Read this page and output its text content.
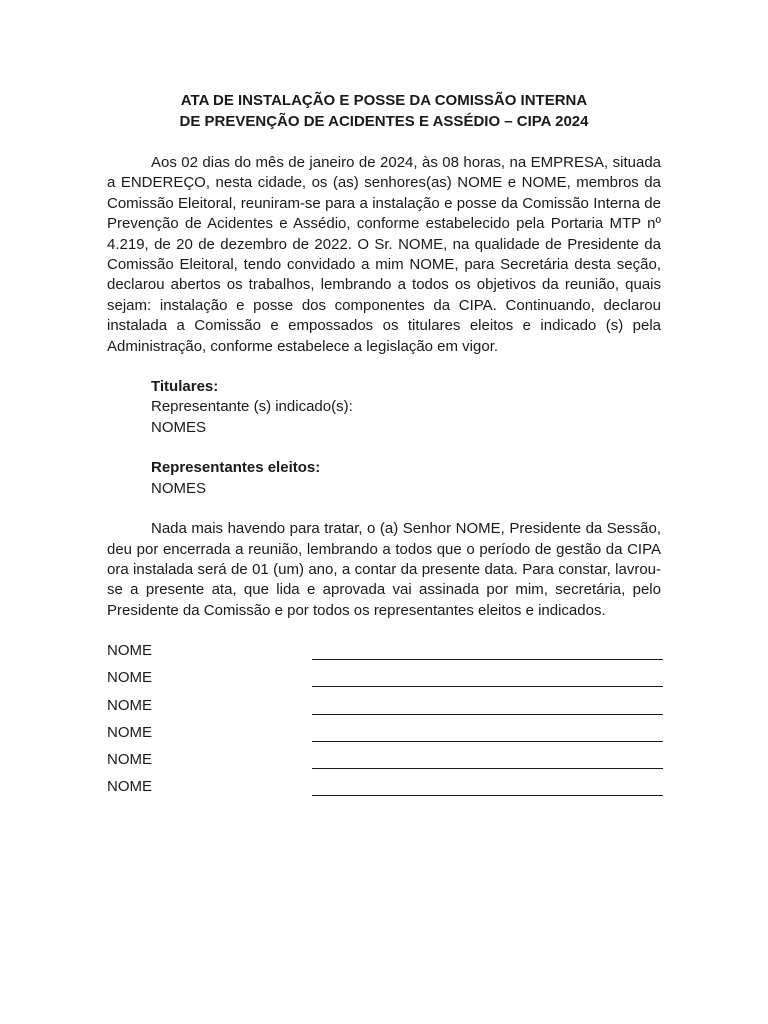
ATA DE INSTALAÇÃO E POSSE DA COMISSÃO INTERNA

DE PREVENÇÃO DE ACIDENTES E ASSÉDIO – CIPA 2024

Aos 02 dias do mês de janeiro de 2024, às 08 horas, na EMPRESA, situada a ENDEREÇO, nesta cidade, os (as) senhores(as) NOME e NOME, membros da Comissão Eleitoral, reuniram-se para a instalação e posse da Comissão Interna de Prevenção de Acidentes e Assédio, conforme estabelecido pela Portaria MTP nº 4.219, de 20 de dezembro de 2022. O Sr. NOME, na qualidade de Presidente da Comissão Eleitoral, tendo convidado a mim NOME, para Secretária desta seção, declarou abertos os trabalhos, lembrando a todos os objetivos da reunião, quais sejam: instalação e posse dos componentes da CIPA. Continuando, declarou instalada a Comissão e empossados os titulares eleitos e indicado (s) pela Administração, conforme estabelece a legislação em vigor.

Titulares:

Representante (s) indicado(s):

NOMES

Representantes eleitos:

NOMES

Nada mais havendo para tratar, o (a) Senhor NOME, Presidente da Sessão, deu por encerrada a reunião, lembrando a todos que o período de gestão da CIPA ora instalada será de 01 (um) ano, a contar da presente data. Para constar, lavrou-se a presente ata, que lida e aprovada vai assinada por mim, secretária, pelo Presidente da Comissão e por todos os representantes eleitos e indicados.

NOME
NOME
NOME
NOME
NOME
NOME
